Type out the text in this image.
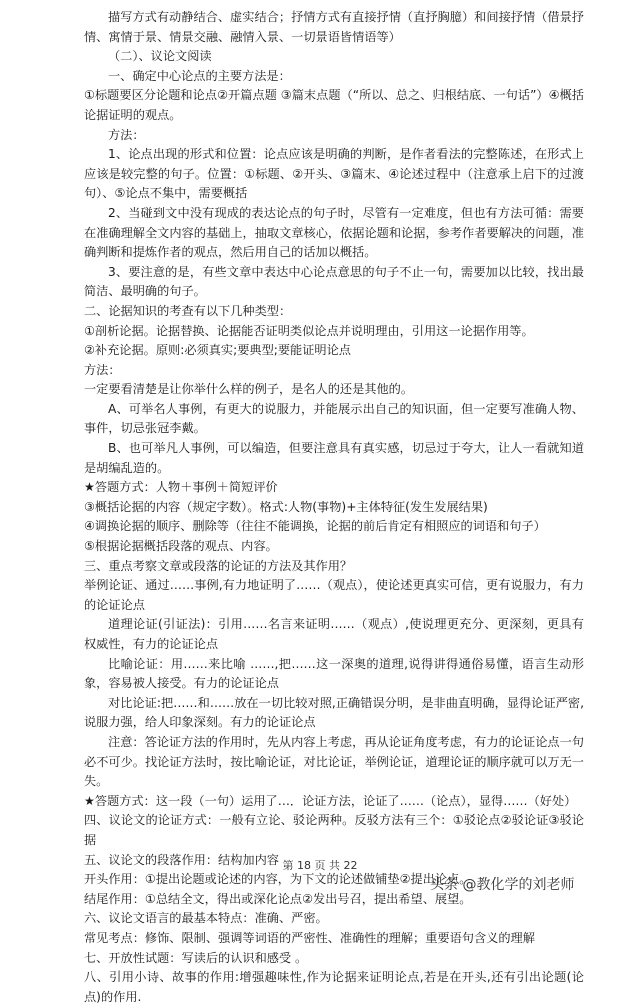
描写方式有动静结合、虚实结合；抒情方式有直接抒情（直抒胸臆）和间接抒情（借景抒情、寓情于景、情景交融、融情入景、一切景语皆情语等）

（二）、议论文阅读

一、确定中心论点的主要方法是：

①标题要区分论题和论点②开篇点题 ③篇末点题（“所以、总之、归根结底、一句话”）④概括论据证明的观点。

方法：

1、论点出现的形式和位置：论点应该是明确的判断，是作者看法的完整陈述，在形式上应该是较完整的句子。位置：①标题、②开头、③篇末、④论述过程中（注意承上启下的过渡句）、⑤论点不集中，需要概括

2、当碰到文中没有现成的表达论点的句子时，尽管有一定难度，但也有方法可循：需要在准确理解全文内容的基础上，抽取文章核心，依据论题和论据，参考作者要解决的问题，准确判断和提炼作者的观点，然后用自己的话加以概括。

3、要注意的是，有些文章中表达中心论点意思的句子不止一句，需要加以比较，找出最简洁、最明确的句子。

二、论据知识的考查有以下几种类型：

①剖析论据。论据替换、论据能否证明类似论点并说明理由，引用这一论据作用等。

②补充论据。原则:必须真实;要典型;要能证明论点

方法：

一定要看清楚是让你举什么样的例子，是名人的还是其他的。

A、可举名人事例，有更大的说服力，并能展示出自己的知识面，但一定要写准确人物、事件，切忌张冠李戴。

B、也可举凡人事例，可以编造，但要注意具有真实感，切忌过于夸大，让人一看就知道是胡编乱造的。

★答题方式：人物＋事例＋简短评价

③概括论据的内容（规定字数）。格式:人物(事物)+主体特征(发生发展结果)

④调换论据的顺序、删除等（往往不能调换，论据的前后肯定有相照应的词语和句子）

⑤根据论据概括段落的观点、内容。

三、重点考察文章或段落的论证的方法及其作用？

举例论证、通过……事例,有力地证明了……（观点），使论述更真实可信，更有说服力，有力的论证论点

道理论证(引证法)：引用……名言来证明……（观点）,使说理更充分、更深刻，更具有权威性，有力的论证论点

比喻论证：用……来比喻 ……,把……这一深奥的道理,说得讲得通俗易懂，语言生动形象，容易被人接受。有力的论证论点

对比论证:把……和……放在一切比较对照,正确错误分明，是非曲直明确，显得论证严密,说服力强，给人印象深刻。有力的论证论点

注意：答论证方法的作用时，先从内容上考虑，再从论证角度考虑，有力的论证论点一句必不可少。找论证方法时，按比喻论证，对比论证，举例论证，道理论证的顺序就可以万无一失。

★答题方式：这一段（一句）运用了…．论证方法，论证了……（论点），显得……（好处）

四、议论文的论证方式：一般有立论、驳论两种。反驳方法有三个：①驳论点②驳论证③驳论据

五、议论文的段落作用：结构加内容

开头作用：①提出论题或论述的内容，为下文的论述做铺垫②提出论点。

结尾作用：①总结全文，得出或深化论点②发出号召，提出希望、展望。

六、议论文语言的最基本特点：准确、严密。

常见考点：修饰、限制、强调等词语的严密性、准确性的理解；重要语句含义的理解

七、开放性试题：写读后的认识和感受 。

八、引用小诗、故事的作用:增强趣味性,作为论据来证明论点,若是在开头,还有引出论题(论点)的作用.

第 18 页 共 22
头条 @教化学的刘老师
